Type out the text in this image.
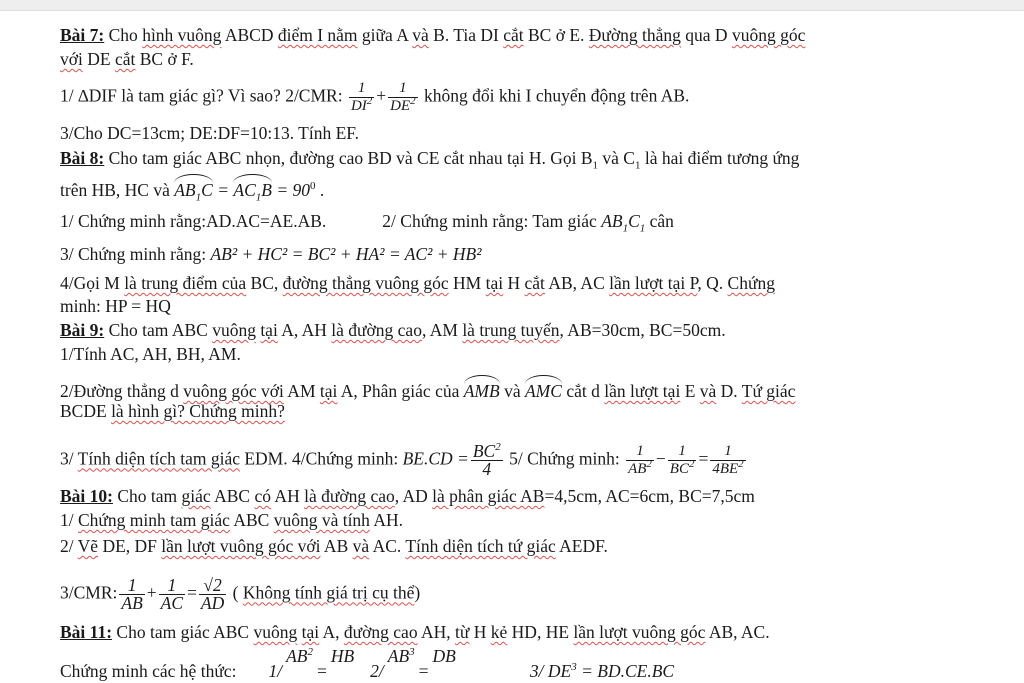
Bài 7: Cho hình vuông ABCD điểm I nằm giữa A và B. Tia DI cắt BC ở E. Đường thẳng qua D vuông góc
với DE cắt BC ở F.
1/ ∆DIF là tam giác gì? Vì sao? 2/CMR: $\frac{1}{DI^2} + \frac{1}{DE^2}$ không đổi khi I chuyển động trên AB.
3/Cho DC=13cm; DE:DF=10:13. Tính EF.
Bài 8: Cho tam giác ABC nhọn, đường cao BD và CE cắt nhau tại H. Gọi $B_1$ và $C_1$ là hai điểm tương ứng
trên HB, HC và $AB_1C = AC_1B = 90^0$ .
1/ Chứng minh rằng:AD.AC=AE.AB.	2/ Chứng minh rằng: Tam giác $AB_1C_1$ cân
3/ Chứng minh rằng: AB² + HC² = BC² + HA² = AC² + HB²
4/Gọi M là trung điểm của BC, đường thẳng vuông góc HM tại H cắt AB, AC lần lượt tại P, Q. Chứng
minh: HP = HQ
Bài 9: Cho tam ABC vuông tại A, AH là đường cao, AM là trung tuyến, AB=30cm, BC=50cm.
1/Tính AC, AH, BH, AM.
2/Đường thẳng d vuông góc với AM tại A, Phân giác của AMB và AMC cắt d lần lượt tại E và D. Tứ giác
BCDE là hình gì? Chứng minh?
3/ Tính diện tích tam giác EDM. 4/Chứng minh: $BE.CD = \frac{BC^2}{4} 5/$ Chứng minh: $\frac{1}{AB^2} - \frac{1}{BC^2} = \frac{1}{4BE^2}$
Bài 10: Cho tam giác ABC có AH là đường cao, AD là phân giác AB=4,5cm, AC=6cm, BC=7,5cm
1/ Chứng minh tam giác ABC vuông và tính AH.
2/ Vẽ DE, DF lần lượt vuông góc với AB và AC. Tính diện tích tứ giác AEDF.
3/CMR: $\frac{1}{AB} + \frac{1}{AC} = \frac{√2}{AD}$ ( Không tính giá trị cụ thể)
Bài 11: Cho tam giác ABC vuông tại A, đường cao AH, từ H kẻ HD, HE lần lượt vuông góc AB, AC.
Chứng minh các hệ thức: 1/
$AB^2$
=
HB
2/
$AB^3$
=
DB
3/ $DE^3 = BD.CE.BC$
